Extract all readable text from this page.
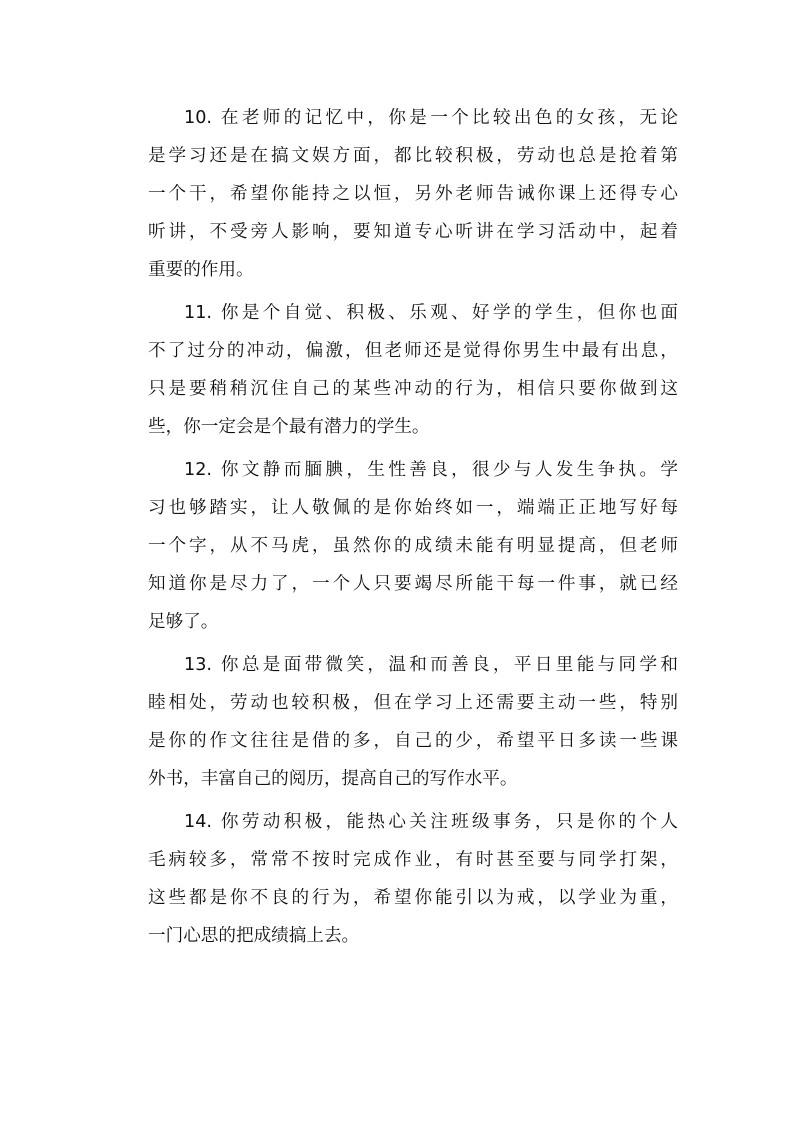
10. 在老师的记忆中，你是一个比较出色的女孩，无论
是学习还是在搞文娱方面，都比较积极，劳动也总是抢着第
一个干，希望你能持之以恒，另外老师告诫你课上还得专心
听讲，不受旁人影响，要知道专心听讲在学习活动中，起着
重要的作用。
11. 你是个自觉、积极、乐观、好学的学生，但你也面
不了过分的冲动，偏激，但老师还是觉得你男生中最有出息，
只是要稍稍沉住自己的某些冲动的行为，相信只要你做到这
些，你一定会是个最有潜力的学生。
12. 你文静而腼腆，生性善良，很少与人发生争执。学
习也够踏实，让人敬佩的是你始终如一，端端正正地写好每
一个字，从不马虎，虽然你的成绩未能有明显提高，但老师
知道你是尽力了，一个人只要竭尽所能干每一件事，就已经
足够了。
13. 你总是面带微笑，温和而善良，平日里能与同学和
睦相处，劳动也较积极，但在学习上还需要主动一些，特别
是你的作文往往是借的多，自己的少，希望平日多读一些课
外书，丰富自己的阅历，提高自己的写作水平。
14. 你劳动积极，能热心关注班级事务，只是你的个人
毛病较多，常常不按时完成作业，有时甚至要与同学打架，
这些都是你不良的行为，希望你能引以为戒，以学业为重，
一门心思的把成绩搞上去。
